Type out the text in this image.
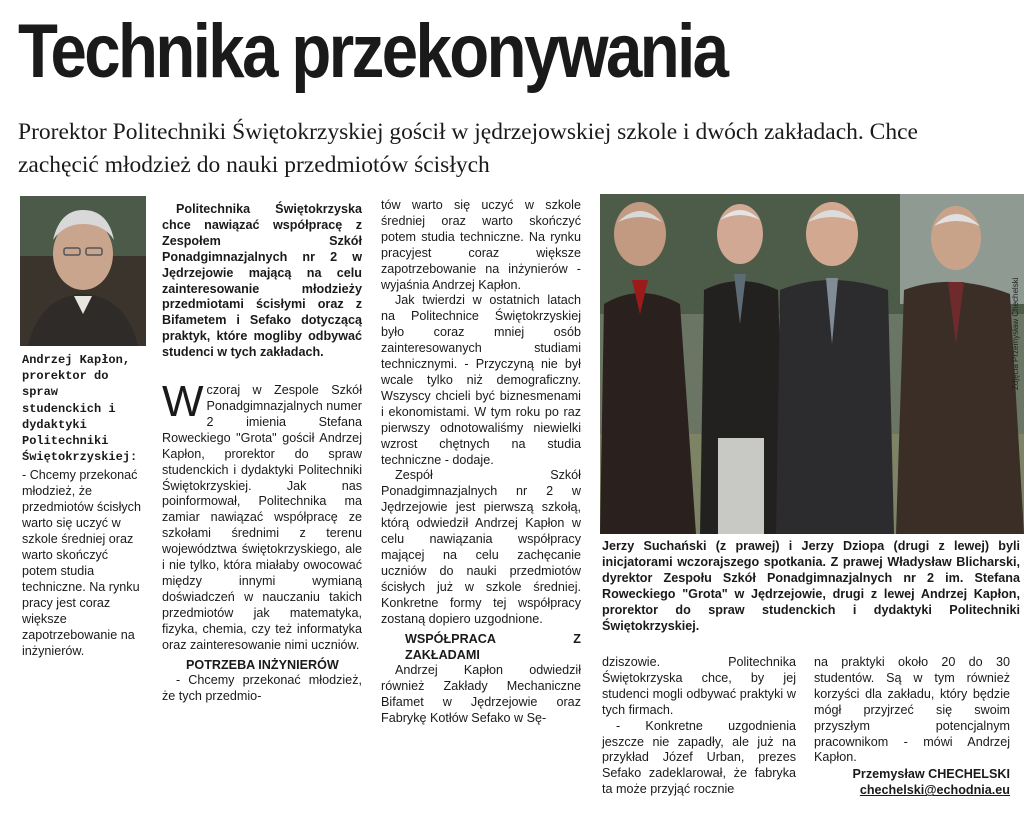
Technika przekonywania
Prorektor Politechniki Świętokrzyskiej gościł w jędrzejowskiej szkole i dwóch zakładach. Chce zachęcić młodzież do nauki przedmiotów ścisłych
Andrzej Kapłon, prorektor do spraw studenckich i dydaktyki Politechniki Świętokrzyskiej:
- Chcemy przekonać młodzież, że przedmiotów ścisłych warto się uczyć w szkole średniej oraz warto skończyć potem studia techniczne. Na rynku pracy jest coraz większe zapotrzebowanie na inżynierów.

Politechnika Świętokrzyska chce nawiązać współpracę z Zespołem Szkół Ponadgimnazjalnych nr 2 w Jędrzejowie mającą na celu zainteresowanie młodzieży przedmiotami ścisłymi oraz z Bifametem i Sefako dotyczącą praktyk, które mogliby odbywać studenci w tych zakładach.

Wczoraj w Zespole Szkół Ponadgimnazjalnych numer 2 imienia Stefana Roweckiego "Grota" gościł Andrzej Kapłon, prorektor do spraw studenckich i dydaktyki Politechniki Świętokrzyskiej. Jak nas poinformował, Politechnika ma zamiar nawiązać współpracę ze szkołami średnimi z terenu województwa świętokrzyskiego, ale i nie tylko, która miałaby owocować między innymi wymianą doświadczeń w nauczaniu takich przedmiotów jak matematyka, fizyka, chemia, czy też informatyka oraz zainteresowanie nimi uczniów.

POTRZEBA INŻYNIERÓW

- Chcemy przekonać młodzież, że tych przedmio-

tów warto się uczyć w szkole średniej oraz warto skończyć potem studia techniczne. Na rynku pracyjest coraz większe zapotrzebowanie na inżynierów - wyjaśnia Andrzej Kapłon.

Jak twierdzi w ostatnich latach na Politechnice Świętokrzyskiej było coraz mniej osób zainteresowanych studiami technicznymi. - Przyczyną nie był wcale tylko niż demograficzny. Wszyscy chcieli być biznesmenami i ekonomistami. W tym roku po raz pierwszy odnotowaliśmy niewielki wzrost chętnych na studia techniczne - dodaje.

Zespół Szkół Ponadgimnazjalnych nr 2 w Jędrzejowie jest pierwszą szkołą, którą odwiedził Andrzej Kapłon w celu nawiązania współpracy mającej na celu zachęcanie uczniów do nauki przedmiotów ścisłych już w szkole średniej. Konkretne formy tej współpracy zostaną dopiero uzgodnione.

WSPÓŁPRACA Z ZAKŁADAMI

Andrzej Kapłon odwiedził również Zakłady Mechaniczne Bifamet w Jędrzejowie oraz Fabrykę Kotłów Sefako w Sę-

Zdjęcia Przemysław Chechelski
Jerzy Suchański (z prawej) i Jerzy Dziopa (drugi z lewej) byli inicjatorami wczorajszego spotkania. Z prawej Władysław Blicharski, dyrektor Zespołu Szkół Ponadgimnazjalnych nr 2 im. Stefana Roweckiego "Grota" w Jędrzejowie, drugi z lewej Andrzej Kapłon, prorektor do spraw studenckich i dydaktyki Politechniki Świętokrzyskiej.

dziszowie. Politechnika Świętokrzyska chce, by jej studenci mogli odbywać praktyki w tych firmach.

- Konkretne uzgodnienia jeszcze nie zapadły, ale już na przykład Józef Urban, prezes Sefako zadeklarował, że fabryka ta może przyjąć rocznie

na praktyki około 20 do 30 studentów. Są w tym również korzyści dla zakładu, który będzie mógł przyjrzeć się swoim przyszłym potencjalnym pracownikom - mówi Andrzej Kapłon.

Przemysław CHECHELSKI
chechelski@echodnia.eu
